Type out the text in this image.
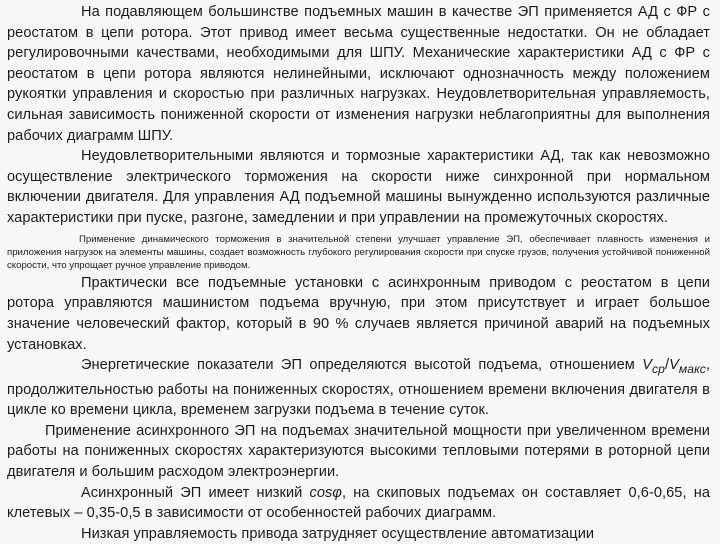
На подавляющем большинстве подъемных машин в качестве ЭП применяется АД с ФР с реостатом в цепи ротора. Этот привод имеет весьма существенные недостатки. Он не обладает регулировочными качествами, необходимыми для ШПУ. Механические характеристики АД с ФР с реостатом в цепи ротора являются нелинейными, исключают однозначность между положением рукоятки управления и скоростью при различных нагрузках. Неудовлетворительная управляемость, сильная зависимость пониженной скорости от изменения нагрузки неблагоприятны для выполнения рабочих диаграмм ШПУ.

Неудовлетворительными являются и тормозные характеристики АД, так как невозможно осуществление электрического торможения на скорости ниже синхронной при нормальном включении двигателя. Для управления АД подъемной машины вынужденно используются различные характеристики при пуске, разгоне, замедлении и при управлении на промежуточных скоростях.

Применение динамического торможения в значительной степени улучшает управление ЭП, обеспечивает плавность изменения и приложения нагрузок на элементы машины, создает возможность глубокого регулирования скорости при спуске грузов, получения устойчивой пониженной скорости, что упрощает ручное управление приводом.

Практически все подъемные установки с асинхронным приводом с реостатом в цепи ротора управляются машинистом подъема вручную, при этом присутствует и играет большое значение человеческий фактор, который в 90 % случаев является причиной аварий на подъемных установках.

Энергетические показатели ЭП определяются высотой подъема, отношением $V_{ср}/V_{макс}$, продолжительностью работы на пониженных скоростях, отношением времени включения двигателя в цикле ко времени цикла, временем загрузки подъема в течение суток.

Применение асинхронного ЭП на подъемах значительной мощности при увеличенном времени работы на пониженных скоростях характеризуются высокими тепловыми потерями в роторной цепи двигателя и большим расходом электроэнергии.

Асинхронный ЭП имеет низкий cosφ, на скиповых подъемах он составляет 0,6-0,65, на клетевых – 0,35-0,5 в зависимости от особенностей рабочих диаграмм.

Низкая управляемость привода затрудняет осуществление автоматизации
